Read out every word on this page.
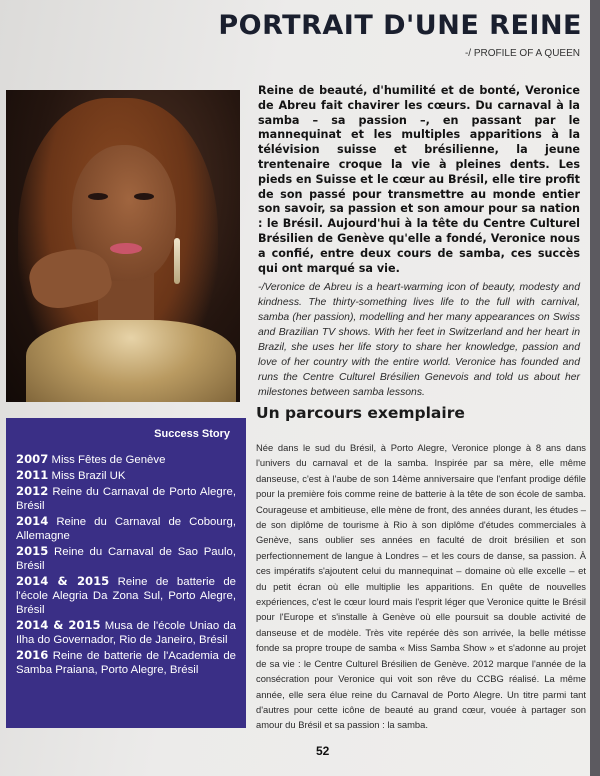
PORTRAIT D'UNE REINE

-/ PROFILE OF A QUEEN

Reine de beauté, d'humilité et de bonté, Veronice de Abreu fait chavirer les cœurs. Du carnaval à la samba – sa passion –, en passant par le mannequinat et les multiples apparitions à la télévision suisse et brésilienne, la jeune trentenaire croque la vie à pleines dents. Les pieds en Suisse et le cœur au Brésil, elle tire profit de son passé pour transmettre au monde entier son savoir, sa passion et son amour pour sa nation : le Brésil. Aujourd'hui à la tête du Centre Culturel Brésilien de Genève qu'elle a fondé, Veronice nous a confié, entre deux cours de samba, ces succès qui ont marqué sa vie.

-/Veronice de Abreu is a heart-warming icon of beauty, modesty and kindness. The thirty-something lives life to the full with carnival, samba (her passion), modelling and her many appearances on Swiss and Brazilian TV shows. With her feet in Switzerland and her heart in Brazil, she uses her life story to share her knowledge, passion and love of her country with the entire world. Veronice has founded and runs the Centre Culturel Brésilien Genevois and told us about her milestones between samba lessons.

Un parcours exemplaire

Née dans le sud du Brésil, à Porto Alegre, Veronice plonge à 8 ans dans l'univers du carnaval et de la samba. Inspirée par sa mère, elle même danseuse, c'est à l'aube de son 14ème anniversaire que l'enfant prodige défile pour la première fois comme reine de batterie à la tête de son école de samba. Courageuse et ambitieuse, elle mène de front, des années durant, les études – de son diplôme de tourisme à Rio à son diplôme d'études commerciales à Genève, sans oublier ses années en faculté de droit brésilien et son perfectionnement de langue à Londres – et les cours de danse, sa passion. À ces impératifs s'ajoutent celui du mannequinat – domaine où elle excelle – et du petit écran où elle multiplie les apparitions. En quête de nouvelles expériences, c'est le cœur lourd mais l'esprit léger que Veronice quitte le Brésil pour l'Europe et s'installe à Genève où elle poursuit sa double activité de danseuse et de modèle. Très vite repérée dès son arrivée, la belle métisse fonde sa propre troupe de samba « Miss Samba Show » et s'adonne au projet de sa vie : le Centre Culturel Brésilien de Genève. 2012 marque l'année de la consécration pour Veronice qui voit son rêve du CCBG réalisé. La même année, elle sera élue reine du Carnaval de Porto Alegre. Un titre parmi tant d'autres pour cette icône de beauté au grand cœur, vouée à partager son amour du Brésil et sa passion : la samba.

Success Story

2007 Miss Fêtes de Genève
2011 Miss Brazil UK
2012 Reine du Carnaval de Porto Alegre, Brésil
2014 Reine du Carnaval de Cobourg, Allemagne
2015 Reine du Carnaval de Sao Paulo, Brésil
2014 & 2015 Reine de batterie de l'école Alegria Da Zona Sul, Porto Alegre, Brésil
2014 & 2015 Musa de l'école Uniao da Ilha do Governador, Rio de Janeiro, Brésil
2016 Reine de batterie de l'Academia de Samba Praiana, Porto Alegre, Brésil

52
